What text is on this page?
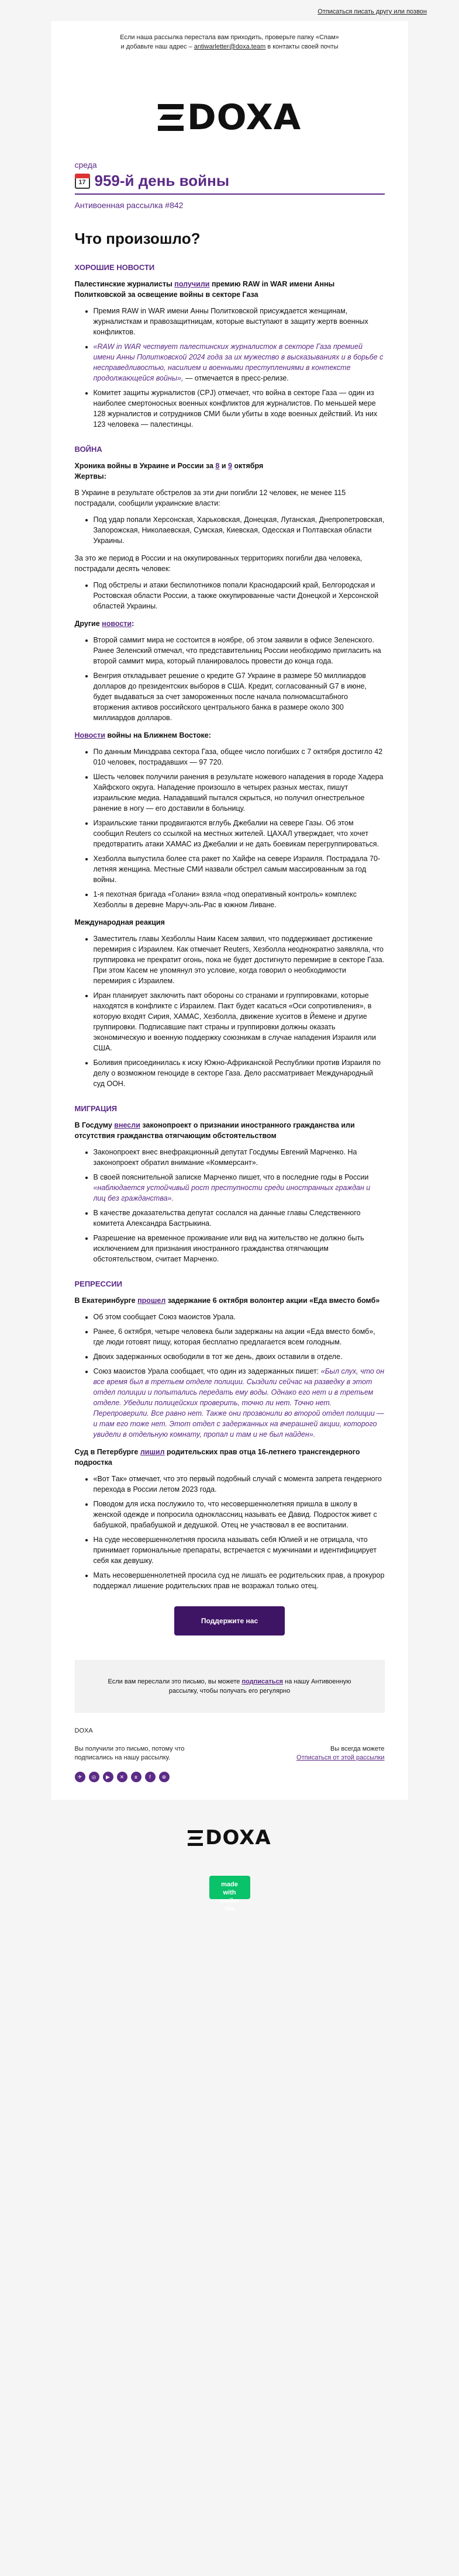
Отписаться писать другу или позвон
Если наша рассылка перестала вам приходить, проверьте папку «Спам»
и добавьте наш адрес – antiwarletter@doxa.team в контакты своей почты
DOXA
среда
17 959-й день войны
Антивоенная рассылка #842
Что произошло?
ХОРОШИЕ НОВОСТИ

Палестинские журналисты получили премию RAW in WAR имени Анны Политковской за освещение войны в секторе Газа

• Премия RAW in WAR имени Анны Политковской присуждается женщинам, журналисткам и правозащитницам, которые выступают в защиту жертв военных конфликтов.
• «RAW in WAR чествует палестинских журналисток в секторе Газа премией имени Анны Политковской 2024 года за их мужество в высказываниях и в борьбе с несправедливостью, насилием и военными преступлениями в контексте продолжающейся войны», — отмечается в пресс-релизе.
• Комитет защиты журналистов (CPJ) отмечает, что война в секторе Газа — один из наиболее смертоносных военных конфликтов для журналистов. По меньшей мере 128 журналистов и сотрудников СМИ были убиты в ходе военных действий. Из них 123 человека — палестинцы.
ВОЙНА

Хроника войны в Украине и России за 8 и 9 октября
Жертвы:

В Украине в результате обстрелов за эти дни погибли 12 человек, не менее 115 пострадали, сообщили украинские власти:

• Под удар попали Херсонская, Харьковская, Донецкая, Луганская, Днепропетровская, Запорожская, Николаевская, Сумская, Киевская, Одесская и Полтавская области Украины.

За это же период в России и на оккупированных территориях погибли два человека, пострадали десять человек:

• Под обстрелы и атаки беспилотников попали Краснодарский край, Белгородская и Ростовская области России, а также оккупированные части Донецкой и Херсонской областей Украины.

Другие новости:

• Второй саммит мира не состоится в ноябре, об этом заявили в офисе Зеленского. Ранее Зеленский отмечал, что представительниц России необходимо пригласить на второй саммит мира, который планировалось провести до конца года.
• Венгрия откладывает решение о кредите G7 Украине в размере 50 миллиардов долларов до президентских выборов в США. Кредит, согласованный G7 в июне, будет выдаваться за счет замороженных после начала полномасштабного вторжения активов российского центрального банка в размере около 300 миллиардов долларов.

Новости войны на Ближнем Востоке:

• По данным Минздрава сектора Газа, общее число погибших с 7 октября достигло 42 010 человек, пострадавших — 97 720.
• Шесть человек получили ранения в результате ножевого нападения в городе Хадера Хайфского округа. Нападение произошло в четырех разных местах, пишут израильские медиа. Нападавший пытался скрыться, но получил огнестрельное ранение в ногу — его доставили в больницу.
• Израильские танки продвигаются вглубь Джебалии на севере Газы. Об этом сообщил Reuters со ссылкой на местных жителей. ЦАХАЛ утверждает, что хочет предотвратить атаки ХАМАС из Джебалии и не дать боевикам перегруппироваться.
• Хезболла выпустила более ста ракет по Хайфе на севере Израиля. Пострадала 70-летняя женщина. Местные СМИ назвали обстрел самым массированным за год войны.
• 1-я пехотная бригада «Голани» взяла «под оперативный контроль» комплекс Хезболлы в деревне Маруч-эль-Рас в южном Ливане.

Международная реакция

• Заместитель главы Хезболлы Наим Касем заявил, что поддерживает достижение перемирия с Израилем. Как отмечает Reuters, Хезболла неоднократно заявляла, что группировка не прекратит огонь, пока не будет достигнуто перемирие в секторе Газа. При этом Касем не упомянул это условие, когда говорил о необходимости перемирия с Израилем.
• Иран планирует заключить пакт обороны со странами и группировками, которые находятся в конфликте с Израилем. Пакт будет касаться «Оси сопротивления», в которую входят Сирия, ХАМАС, Хезболла, движение хуситов в Йемене и другие группировки. Подписавшие пакт страны и группировки должны оказать экономическую и военную поддержку союзникам в случае нападения Израиля или США.
• Боливия присоединилась к иску Южно-Африканской Республики против Израиля по делу о возможном геноциде в секторе Газа. Дело рассматривает Международный суд ООН.
МИГРАЦИЯ

В Госдуму внесли законопроект о признании иностранного гражданства или отсутствия гражданства отягчающим обстоятельством

• Законопроект внес внефракционный депутат Госдумы Евгений Марченко. На законопроект обратил внимание «Коммерсант».
• В своей пояснительной записке Марченко пишет, что в последние годы в России «наблюдается устойчивый рост преступности среди иностранных граждан и лиц без гражданства».
• В качестве доказательства депутат сослался на данные главы Следственного комитета Александра Бастрыкина.
• Разрешение на временное проживание или вид на жительство не должно быть исключением для признания иностранного гражданства отягчающим обстоятельством, считает Марченко.
РЕПРЕССИИ

В Екатеринбурге прошел задержание 6 октября волонтер акции «Еда вместо бомб»

• Об этом сообщает Союз маоистов Урала.
• Ранее, 6 октября, четыре человека были задержаны на акции «Еда вместо бомб», где люди готовят пищу, которая бесплатно предлагается всем голодным.
• Двоих задержанных освободили в тот же день, двоих оставили в отделе.
• Союз маоистов Урала сообщает, что один из задержанных пишет: «Был слух, что он все время был в третьем отделе полиции. Сыздили сейчас на разведку в этот отдел полиции и попытались передать ему воды. Однако его нет и в третьем отделе. Убедили полицейских проверить, точно ли нет. Точно нет. Перепроверили. Все равно нет. Также они прозвонили во второй отдел полиции — и там его тоже нет. Этот отдел с задержанных на вчерашней акции, которого увидели в отдельную комнату, пропал и там и не был найден».

Суд в Петербурге лишил родительских прав отца 16-летнего трансгендерного подростка

• «Вот Так» отмечает, что это первый подобный случай с момента запрета гендерного перехода в России летом 2023 года.
• Поводом для иска послужило то, что несовершеннолетняя пришла в школу в женской одежде и попросила одноклассниц называть ее Давид. Подросток живет с бабушкой, прабабушкой и дедушкой. Отец не участвовал в ее воспитании.
• На суде несовершеннолетняя просила называть себя Юлией и не отрицала, что принимает гормональные препараты, встречается с мужчинами и идентифицирует себя как девушку.
• Мать несовершеннолетней просила суд не лишать ее родительских прав, а прокурор поддержал лишение родительских прав не возражал только отец.
Поддержите нас
Если вам переслали это письмо, вы можете подписаться на нашу Антивоенную рассылку, чтобы получать его регулярно
DOXA
Вы получили это письмо, потому что
подписались на нашу рассылку.
Вы всегда можете
Отписаться от этой рассылки
✈	◎	▶	✕	в	f	⊕
DOXA
made with
mailer lite
